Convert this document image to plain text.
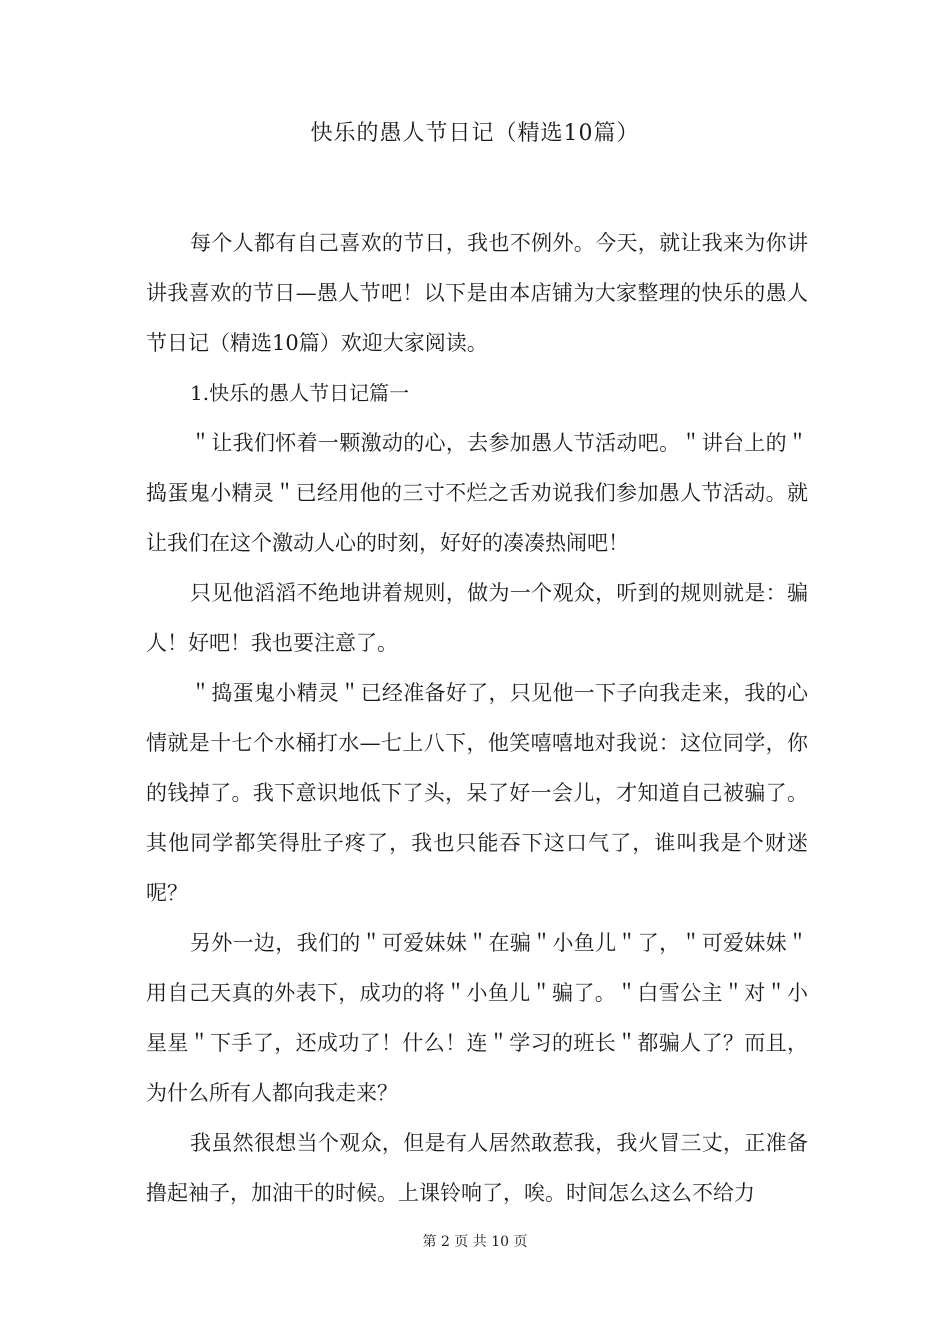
快乐的愚人节日记（精选10篇）

每个人都有自己喜欢的节日，我也不例外。今天，就让我来为你讲讲我喜欢的节日—愚人节吧！以下是由本店铺为大家整理的快乐的愚人节日记（精选10篇）欢迎大家阅读。

1.快乐的愚人节日记篇一

＂让我们怀着一颗激动的心，去参加愚人节活动吧。＂讲台上的＂捣蛋鬼小精灵＂已经用他的三寸不烂之舌劝说我们参加愚人节活动。就让我们在这个激动人心的时刻，好好的凑凑热闹吧！

只见他滔滔不绝地讲着规则，做为一个观众，听到的规则就是：骗人！好吧！我也要注意了。

＂捣蛋鬼小精灵＂已经准备好了，只见他一下子向我走来，我的心情就是十七个水桶打水—七上八下，他笑嘻嘻地对我说：这位同学，你的钱掉了。我下意识地低下了头，呆了好一会儿，才知道自己被骗了。其他同学都笑得肚子疼了，我也只能吞下这口气了，谁叫我是个财迷呢？

另外一边，我们的＂可爱妹妹＂在骗＂小鱼儿＂了，＂可爱妹妹＂用自己天真的外表下，成功的将＂小鱼儿＂骗了。＂白雪公主＂对＂小星星＂下手了，还成功了！什么！连＂学习的班长＂都骗人了？而且，为什么所有人都向我走来？

我虽然很想当个观众，但是有人居然敢惹我，我火冒三丈，正准备撸起袖子，加油干的时候。上课铃响了，唉。时间怎么这么不给力

第 2 页 共 10 页
